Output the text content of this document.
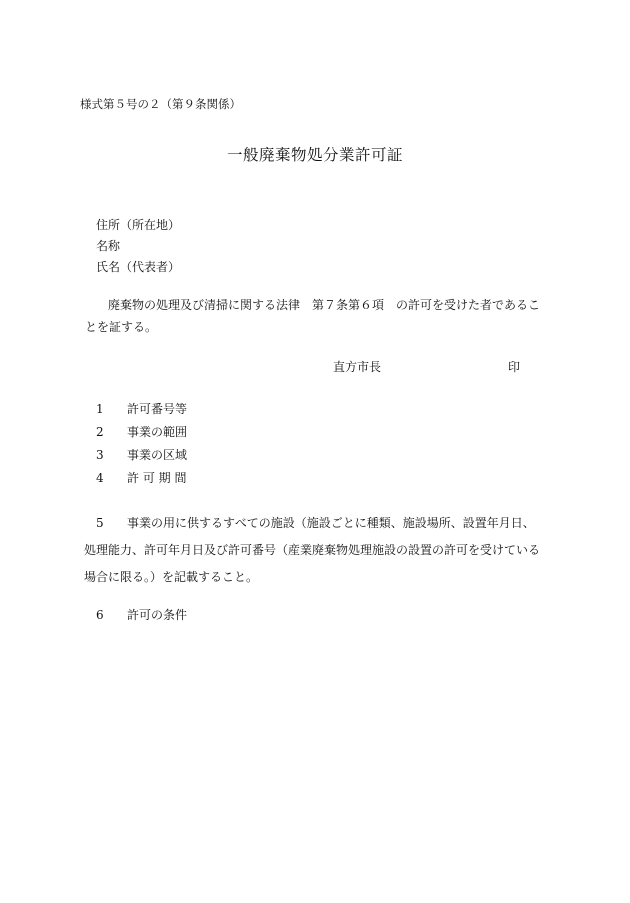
様式第５号の２（第９条関係）
一般廃棄物処分業許可証
住所（所在地）
名称
氏名（代表者）
廃棄物の処理及び清掃に関する法律　第７条第６項　の許可を受けた者であるこ
とを証する。
直方市長	印
1 許可番号等
2 事業の範囲
3 事業の区域
4 許 可 期 間
5 事業の用に供するすべての施設（施設ごとに種類、施設場所、設置年月日、処理能力、許可年月日及び許可番号（産業廃棄物処理施設の設置の許可を受けている場合に限る。）を記載すること。
6 許可の条件
